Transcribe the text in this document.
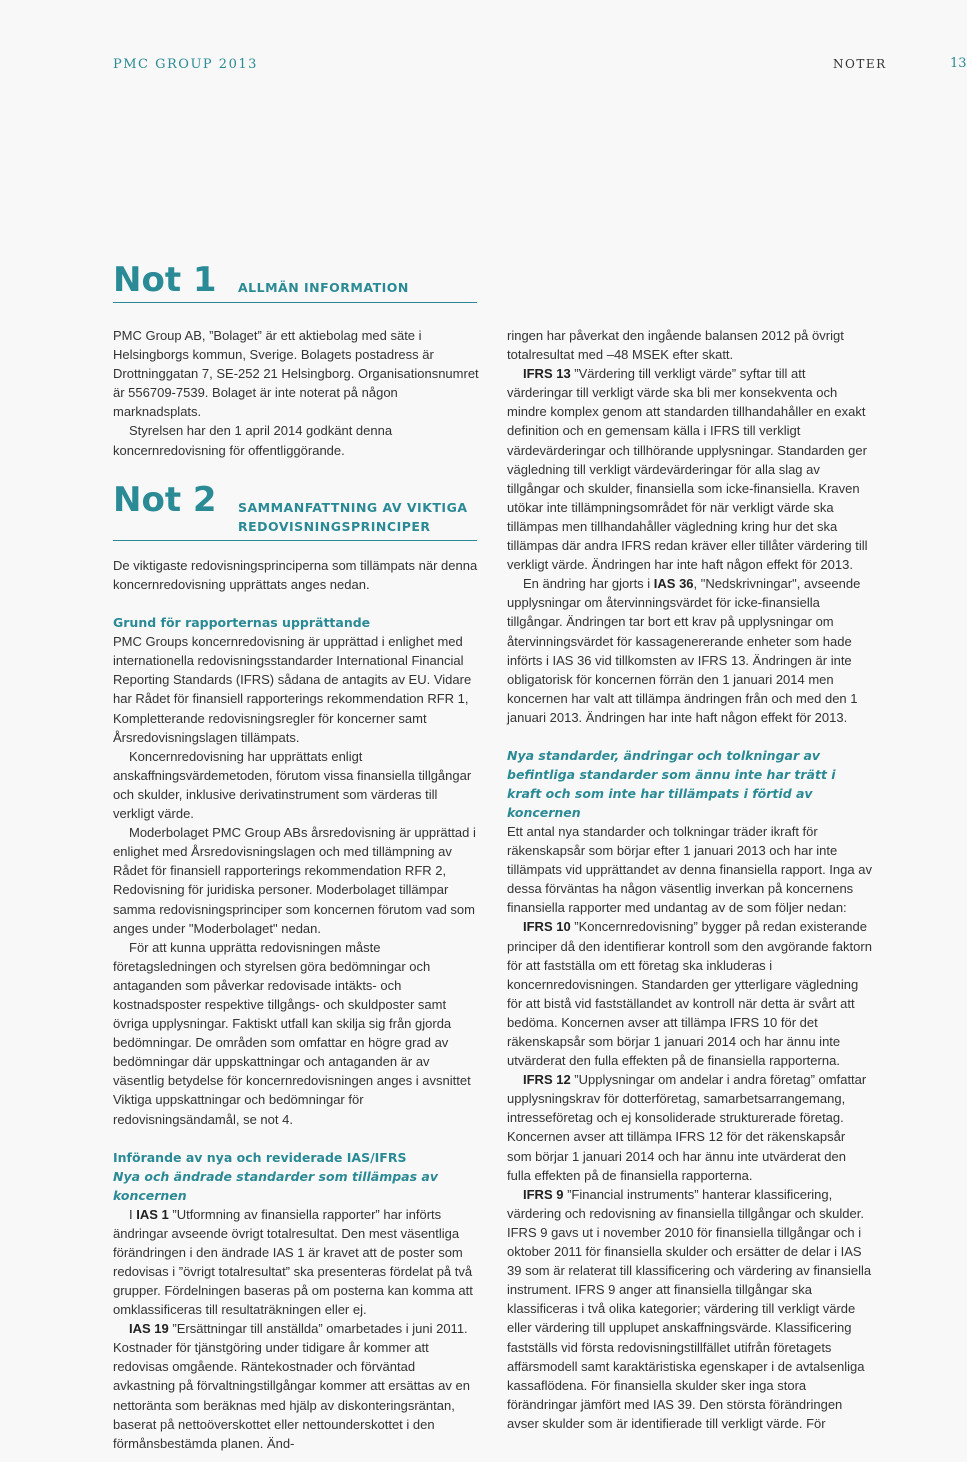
PMC GROUP 2013	NOTER	13
Not 1 ALLMÄN INFORMATION

PMC Group AB, ”Bolaget” är ett aktiebolag med säte i Helsingborgs kommun, Sverige. Bolagets postadress är Drottninggatan 7, SE-252 21 Helsingborg. Organisationsnumret är 556709-7539. Bolaget är inte noterat på någon marknadsplats.

Styrelsen har den 1 april 2014 godkänt denna koncernredovisning för offentliggörande.

Not 2 SAMMANFATTNING AV VIKTIGA
REDOVISNINGSPRINCIPER

De viktigaste redovisningsprinciperna som tillämpats när denna koncernredovisning upprättats anges nedan.

Grund för rapporternas upprättande

PMC Groups koncernredovisning är upprättad i enlighet med internationella redovisningsstandarder International Financial Reporting Standards (IFRS) sådana de antagits av EU. Vidare har Rådet för finansiell rapporterings rekommendation RFR 1, Kompletterande redovisningsregler för koncerner samt Årsredovisningslagen tillämpats.

Koncernredovisning har upprättats enligt anskaffningsvärdemetoden, förutom vissa finansiella tillgångar och skulder, inklusive derivatinstrument som värderas till verkligt värde.

Moderbolaget PMC Group ABs årsredovisning är upprättad i enlighet med Årsredovisningslagen och med tillämpning av Rådet för finansiell rapporterings rekommendation RFR 2, Redovisning för juridiska personer. Moderbolaget tillämpar samma redovisningsprinciper som koncernen förutom vad som anges under "Moderbolaget" nedan.

För att kunna upprätta redovisningen måste företagsledningen och styrelsen göra bedömningar och antaganden som påverkar redovisade intäkts- och kostnadsposter respektive tillgångs- och skuldposter samt övriga upplysningar. Faktiskt utfall kan skilja sig från gjorda bedömningar. De områden som omfattar en högre grad av bedömningar där uppskattningar och antaganden är av väsentlig betydelse för koncernredovisningen anges i avsnittet Viktiga uppskattningar och bedömningar för redovisningsändamål, se not 4.

Införande av nya och reviderade IAS/IFRS

Nya och ändrade standarder som tillämpas av koncernen

I IAS 1 ”Utformning av finansiella rapporter” har införts ändringar avseende övrigt totalresultat. Den mest väsentliga förändringen i den ändrade IAS 1 är kravet att de poster som redovisas i ”övrigt totalresultat” ska presenteras fördelat på två grupper. Fördelningen baseras på om posterna kan komma att omklassificeras till resultaträkningen eller ej.

IAS 19 ”Ersättningar till anställda” omarbetades i juni 2011. Kostnader för tjänstgöring under tidigare år kommer att redovisas omgående. Räntekostnader och förväntad avkastning på förvaltningstillgångar kommer att ersättas av en nettoränta som beräknas med hjälp av diskonteringsräntan, baserat på nettoöverskottet eller nettounderskottet i den förmånsbestämda planen. Änd-

ringen har påverkat den ingående balansen 2012 på övrigt totalresultat med –48 MSEK efter skatt.

IFRS 13 ”Värdering till verkligt värde” syftar till att värderingar till verkligt värde ska bli mer konsekventa och mindre komplex genom att standarden tillhandahåller en exakt definition och en gemensam källa i IFRS till verkligt värdevärderingar och tillhörande upplysningar. Standarden ger vägledning till verkligt värdevärderingar för alla slag av tillgångar och skulder, finansiella som icke-finansiella. Kraven utökar inte tillämpningsområdet för när verkligt värde ska tillämpas men tillhandahåller vägledning kring hur det ska tillämpas där andra IFRS redan kräver eller tillåter värdering till verkligt värde. Ändringen har inte haft någon effekt för 2013.

En ändring har gjorts i IAS 36, "Nedskrivningar", avseende upplysningar om återvinningsvärdet för icke-finansiella tillgångar. Ändringen tar bort ett krav på upplysningar om återvinningsvärdet för kassagenererande enheter som hade införts i IAS 36 vid tillkomsten av IFRS 13. Ändringen är inte obligatorisk för koncernen förrän den 1 januari 2014 men koncernen har valt att tillämpa ändringen från och med den 1 januari 2013. Ändringen har inte haft någon effekt för 2013.

Nya standarder, ändringar och tolkningar av befintliga standarder som ännu inte har trätt i kraft och som inte har tillämpats i förtid av koncernen

Ett antal nya standarder och tolkningar träder ikraft för räkenskapsår som börjar efter 1 januari 2013 och har inte tillämpats vid upprättandet av denna finansiella rapport. Inga av dessa förväntas ha någon väsentlig inverkan på koncernens finansiella rapporter med undantag av de som följer nedan:

IFRS 10 ”Koncernredovisning” bygger på redan existerande principer då den identifierar kontroll som den avgörande faktorn för att fastställa om ett företag ska inkluderas i koncernredovisningen. Standarden ger ytterligare vägledning för att bistå vid fastställandet av kontroll när detta är svårt att bedöma. Koncernen avser att tillämpa IFRS 10 för det räkenskapsår som börjar 1 januari 2014 och har ännu inte utvärderat den fulla effekten på de finansiella rapporterna.

IFRS 12 ”Upplysningar om andelar i andra företag” omfattar upplysningskrav för dotterföretag, samarbetsarrangemang, intresseföretag och ej konsoliderade strukturerade företag. Koncernen avser att tillämpa IFRS 12 för det räkenskapsår som börjar 1 januari 2014 och har ännu inte utvärderat den fulla effekten på de finansiella rapporterna.

IFRS 9 ”Financial instruments” hanterar klassificering, värdering och redovisning av finansiella tillgångar och skulder. IFRS 9 gavs ut i november 2010 för finansiella tillgångar och i oktober 2011 för finansiella skulder och ersätter de delar i IAS 39 som är relaterat till klassificering och värdering av finansiella instrument. IFRS 9 anger att finansiella tillgångar ska klassificeras i två olika kategorier; värdering till verkligt värde eller värdering till upplupet anskaffningsvärde. Klassificering fastställs vid första redovisningstillfället utifrån företagets affärsmodell samt karaktäristiska egenskaper i de avtalsenliga kassaflödena. För finansiella skulder sker inga stora förändringar jämfört med IAS 39. Den största förändringen avser skulder som är identifierade till verkligt värde. För
